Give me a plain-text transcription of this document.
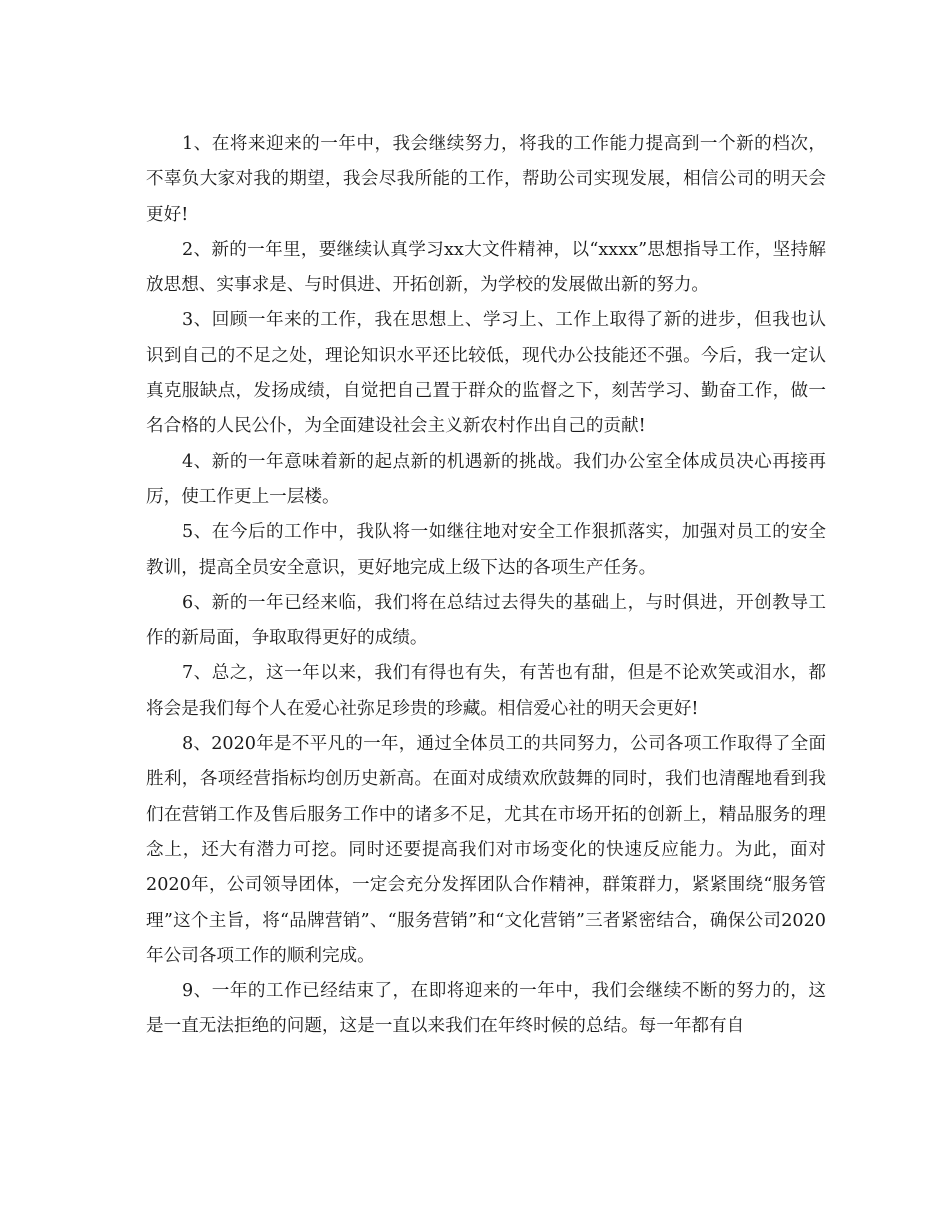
1、在将来迎来的一年中，我会继续努力，将我的工作能力提高到一个新的档次，不辜负大家对我的期望，我会尽我所能的工作，帮助公司实现发展，相信公司的明天会更好!

2、新的一年里，要继续认真学习xx大文件精神，以“xxxx”思想指导工作，坚持解放思想、实事求是、与时俱进、开拓创新，为学校的发展做出新的努力。

3、回顾一年来的工作，我在思想上、学习上、工作上取得了新的进步，但我也认识到自己的不足之处，理论知识水平还比较低，现代办公技能还不强。今后，我一定认真克服缺点，发扬成绩，自觉把自己置于群众的监督之下，刻苦学习、勤奋工作，做一名合格的人民公仆，为全面建设社会主义新农村作出自己的贡献!

4、新的一年意味着新的起点新的机遇新的挑战。我们办公室全体成员决心再接再厉，使工作更上一层楼。

5、在今后的工作中，我队将一如继往地对安全工作狠抓落实，加强对员工的安全教训，提高全员安全意识，更好地完成上级下达的各项生产任务。

6、新的一年已经来临，我们将在总结过去得失的基础上，与时俱进，开创教导工作的新局面，争取取得更好的成绩。

7、总之，这一年以来，我们有得也有失，有苦也有甜，但是不论欢笑或泪水，都将会是我们每个人在爱心社弥足珍贵的珍藏。相信爱心社的明天会更好!

8、2020年是不平凡的一年，通过全体员工的共同努力，公司各项工作取得了全面胜利，各项经营指标均创历史新高。在面对成绩欢欣鼓舞的同时，我们也清醒地看到我们在营销工作及售后服务工作中的诸多不足，尤其在市场开拓的创新上，精品服务的理念上，还大有潜力可挖。同时还要提高我们对市场变化的快速反应能力。为此，面对2020年，公司领导团体，一定会充分发挥团队合作精神，群策群力，紧紧围绕“服务管理”这个主旨，将“品牌营销”、“服务营销”和“文化营销”三者紧密结合，确保公司2020年公司各项工作的顺利完成。

9、一年的工作已经结束了，在即将迎来的一年中，我们会继续不断的努力的，这是一直无法拒绝的问题，这是一直以来我们在年终时候的总结。每一年都有自
